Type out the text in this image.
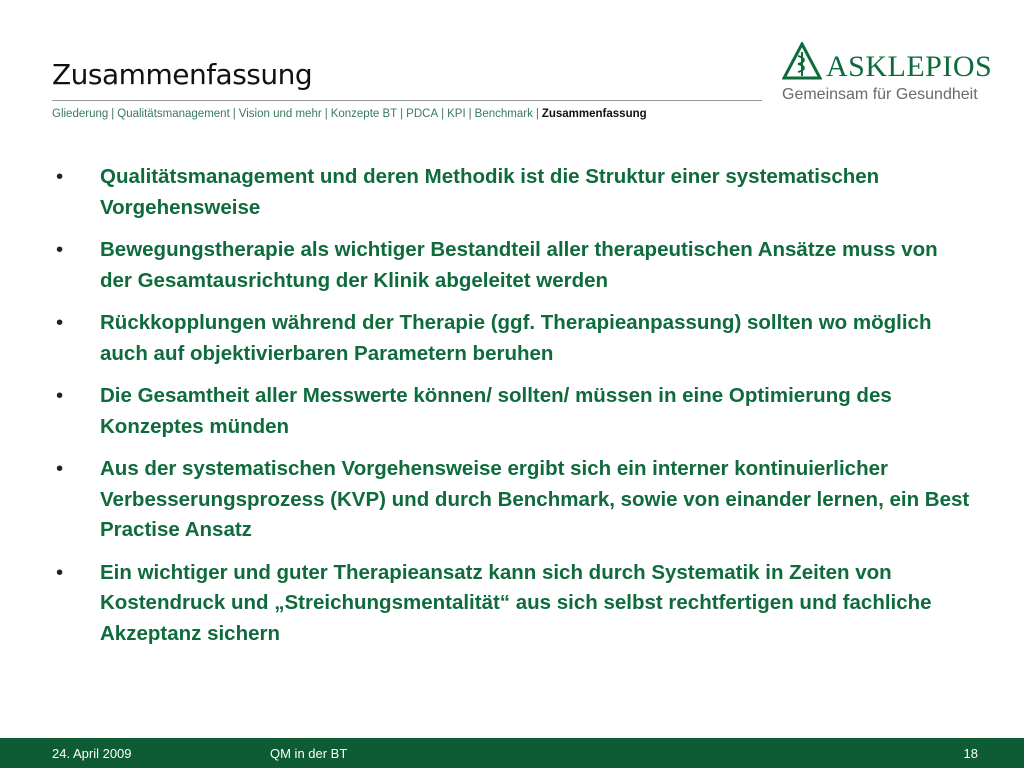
Zusammenfassung
Gliederung | Qualitätsmanagement | Vision und mehr | Konzepte BT | PDCA | KPI | Benchmark | Zusammenfassung
ASKLEPIOS
Gemeinsam für Gesundheit
• Qualitätsmanagement und deren Methodik ist die Struktur einer systematischen Vorgehensweise
• Bewegungstherapie als wichtiger Bestandteil aller therapeutischen Ansätze muss von der Gesamtausrichtung der Klinik abgeleitet werden
• Rückkopplungen während der Therapie (ggf. Therapieanpassung) sollten wo möglich auch auf objektivierbaren Parametern beruhen
• Die Gesamtheit aller Messwerte können/ sollten/ müssen in eine Optimierung des Konzeptes münden
• Aus der systematischen Vorgehensweise ergibt sich ein interner kontinuierlicher Verbesserungsprozess (KVP) und durch Benchmark, sowie von einander lernen, ein Best Practise Ansatz
• Ein wichtiger und guter Therapieansatz kann sich durch Systematik in Zeiten von Kostendruck und „Streichungsmentalität“ aus sich selbst rechtfertigen und fachliche Akzeptanz sichern
24. April 2009	QM in der BT	18
